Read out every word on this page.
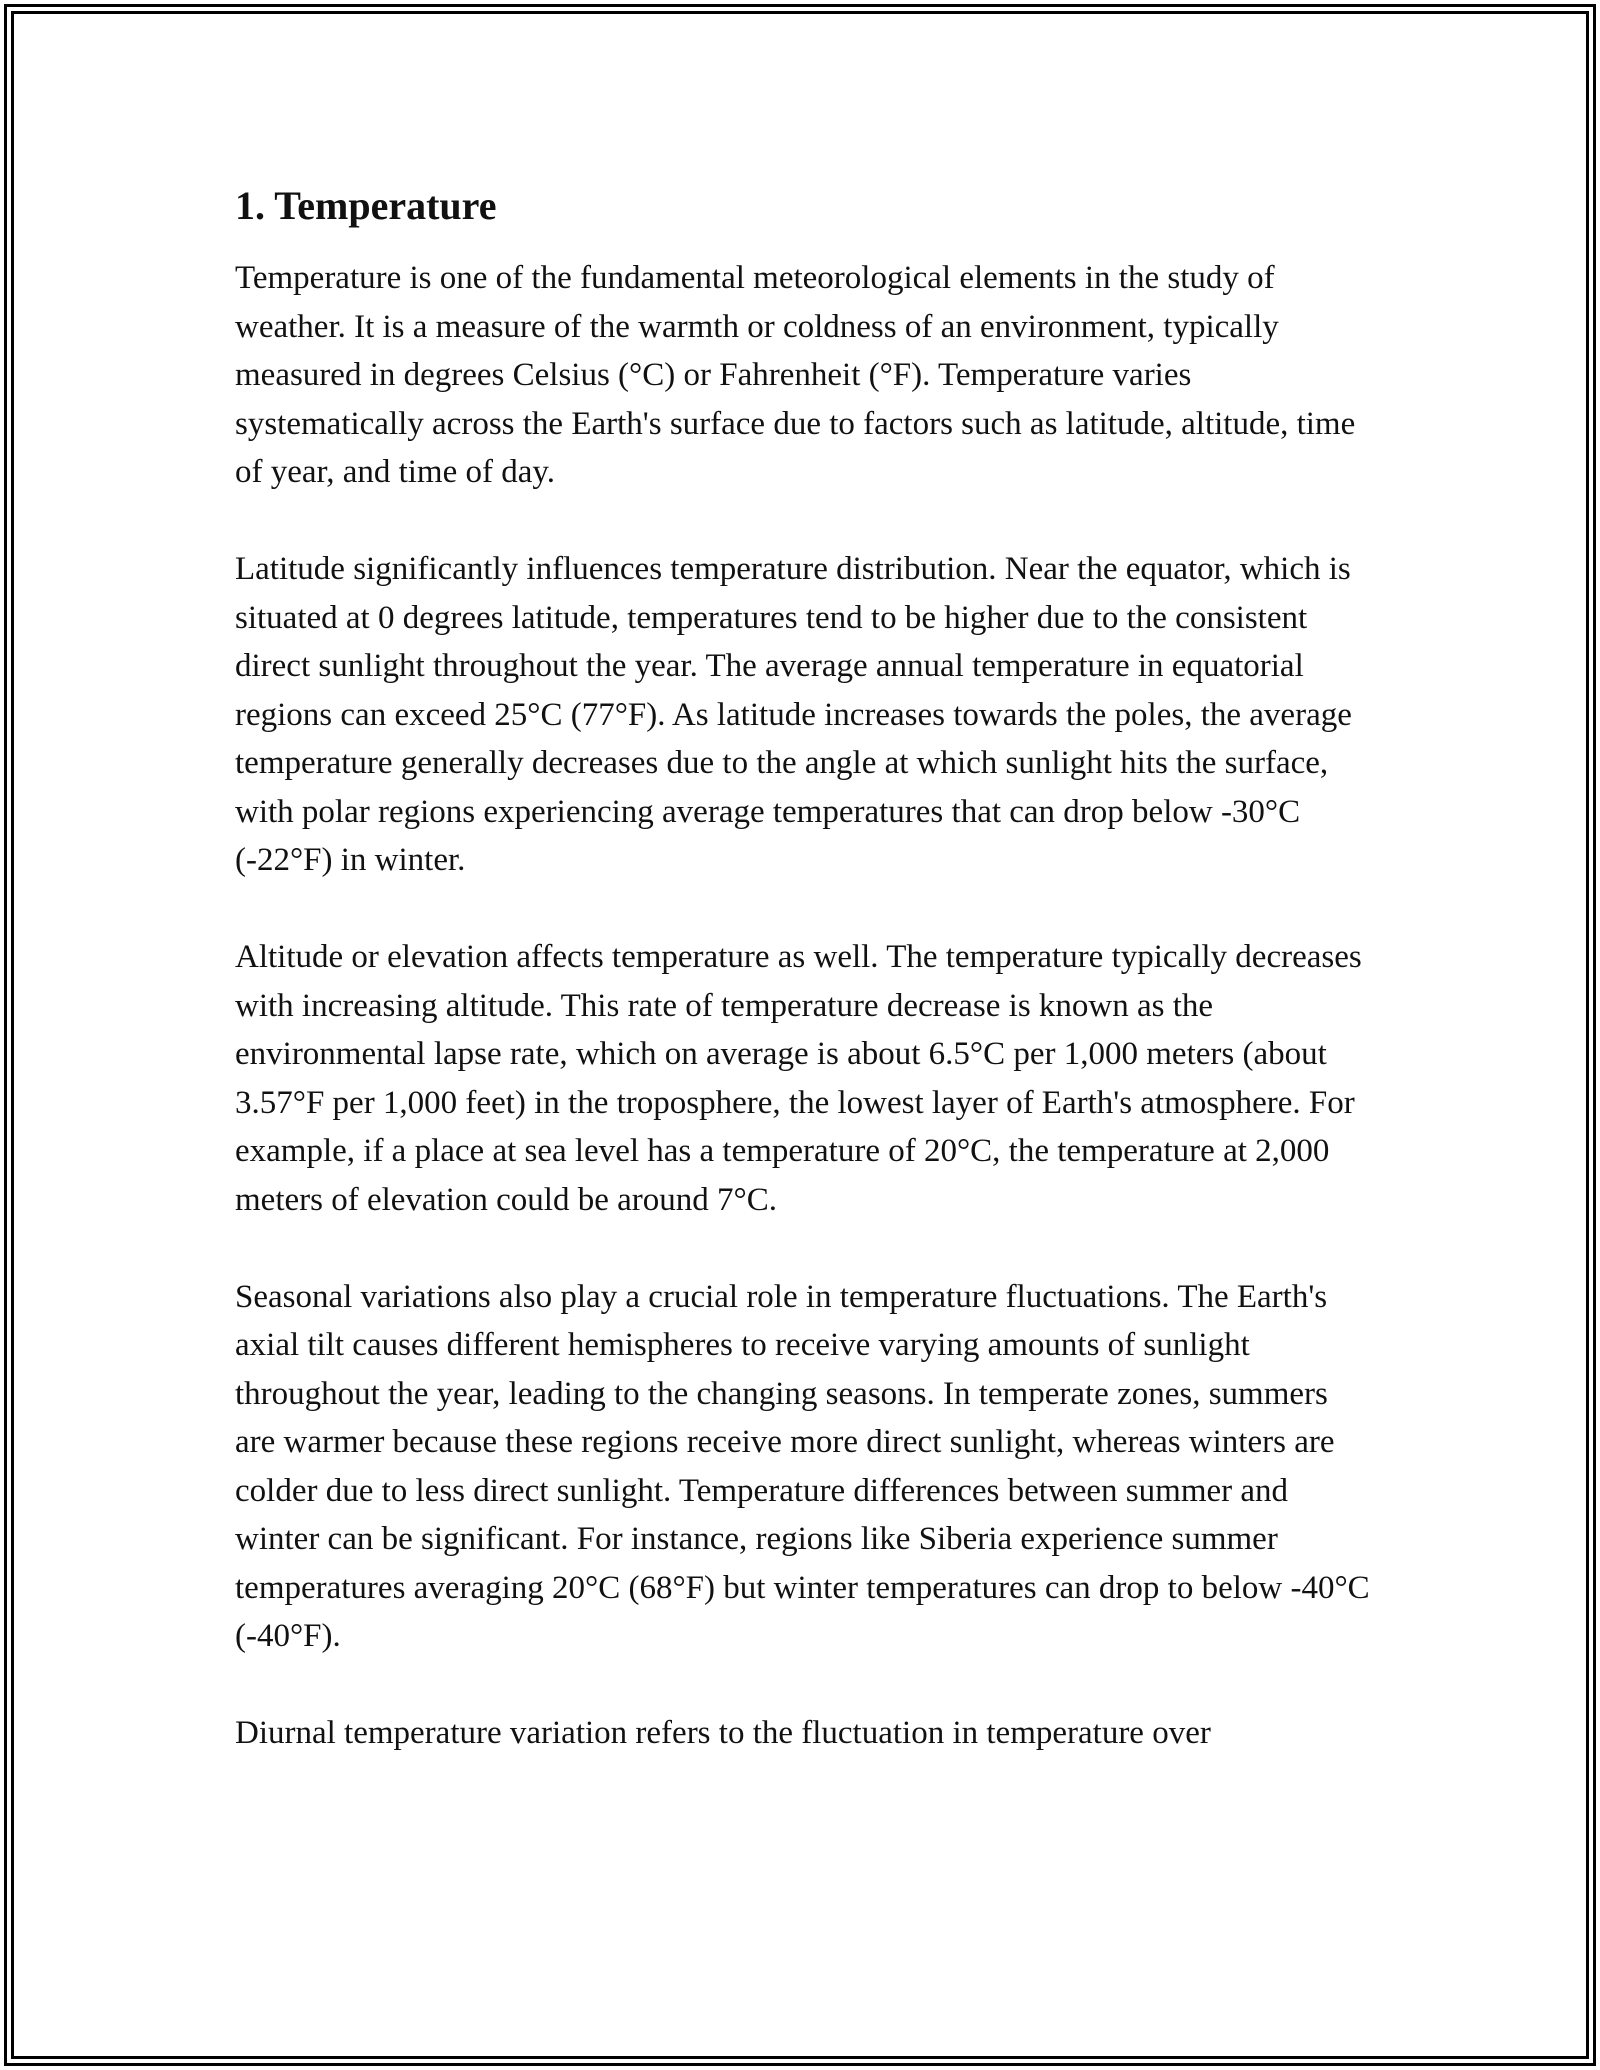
1. Temperature

Temperature is one of the fundamental meteorological elements in the study of weather. It is a measure of the warmth or coldness of an environment, typically measured in degrees Celsius (°C) or Fahrenheit (°F). Temperature varies systematically across the Earth's surface due to factors such as latitude, altitude, time of year, and time of day.

Latitude significantly influences temperature distribution. Near the equator, which is situated at 0 degrees latitude, temperatures tend to be higher due to the consistent direct sunlight throughout the year. The average annual temperature in equatorial regions can exceed 25°C (77°F). As latitude increases towards the poles, the average temperature generally decreases due to the angle at which sunlight hits the surface, with polar regions experiencing average temperatures that can drop below -30°C (-22°F) in winter.

Altitude or elevation affects temperature as well. The temperature typically decreases with increasing altitude. This rate of temperature decrease is known as the environmental lapse rate, which on average is about 6.5°C per 1,000 meters (about 3.57°F per 1,000 feet) in the troposphere, the lowest layer of Earth's atmosphere. For example, if a place at sea level has a temperature of 20°C, the temperature at 2,000 meters of elevation could be around 7°C.

Seasonal variations also play a crucial role in temperature fluctuations. The Earth's axial tilt causes different hemispheres to receive varying amounts of sunlight throughout the year, leading to the changing seasons. In temperate zones, summers are warmer because these regions receive more direct sunlight, whereas winters are colder due to less direct sunlight. Temperature differences between summer and winter can be significant. For instance, regions like Siberia experience summer temperatures averaging 20°C (68°F) but winter temperatures can drop to below -40°C (-40°F).

Diurnal temperature variation refers to the fluctuation in temperature over
